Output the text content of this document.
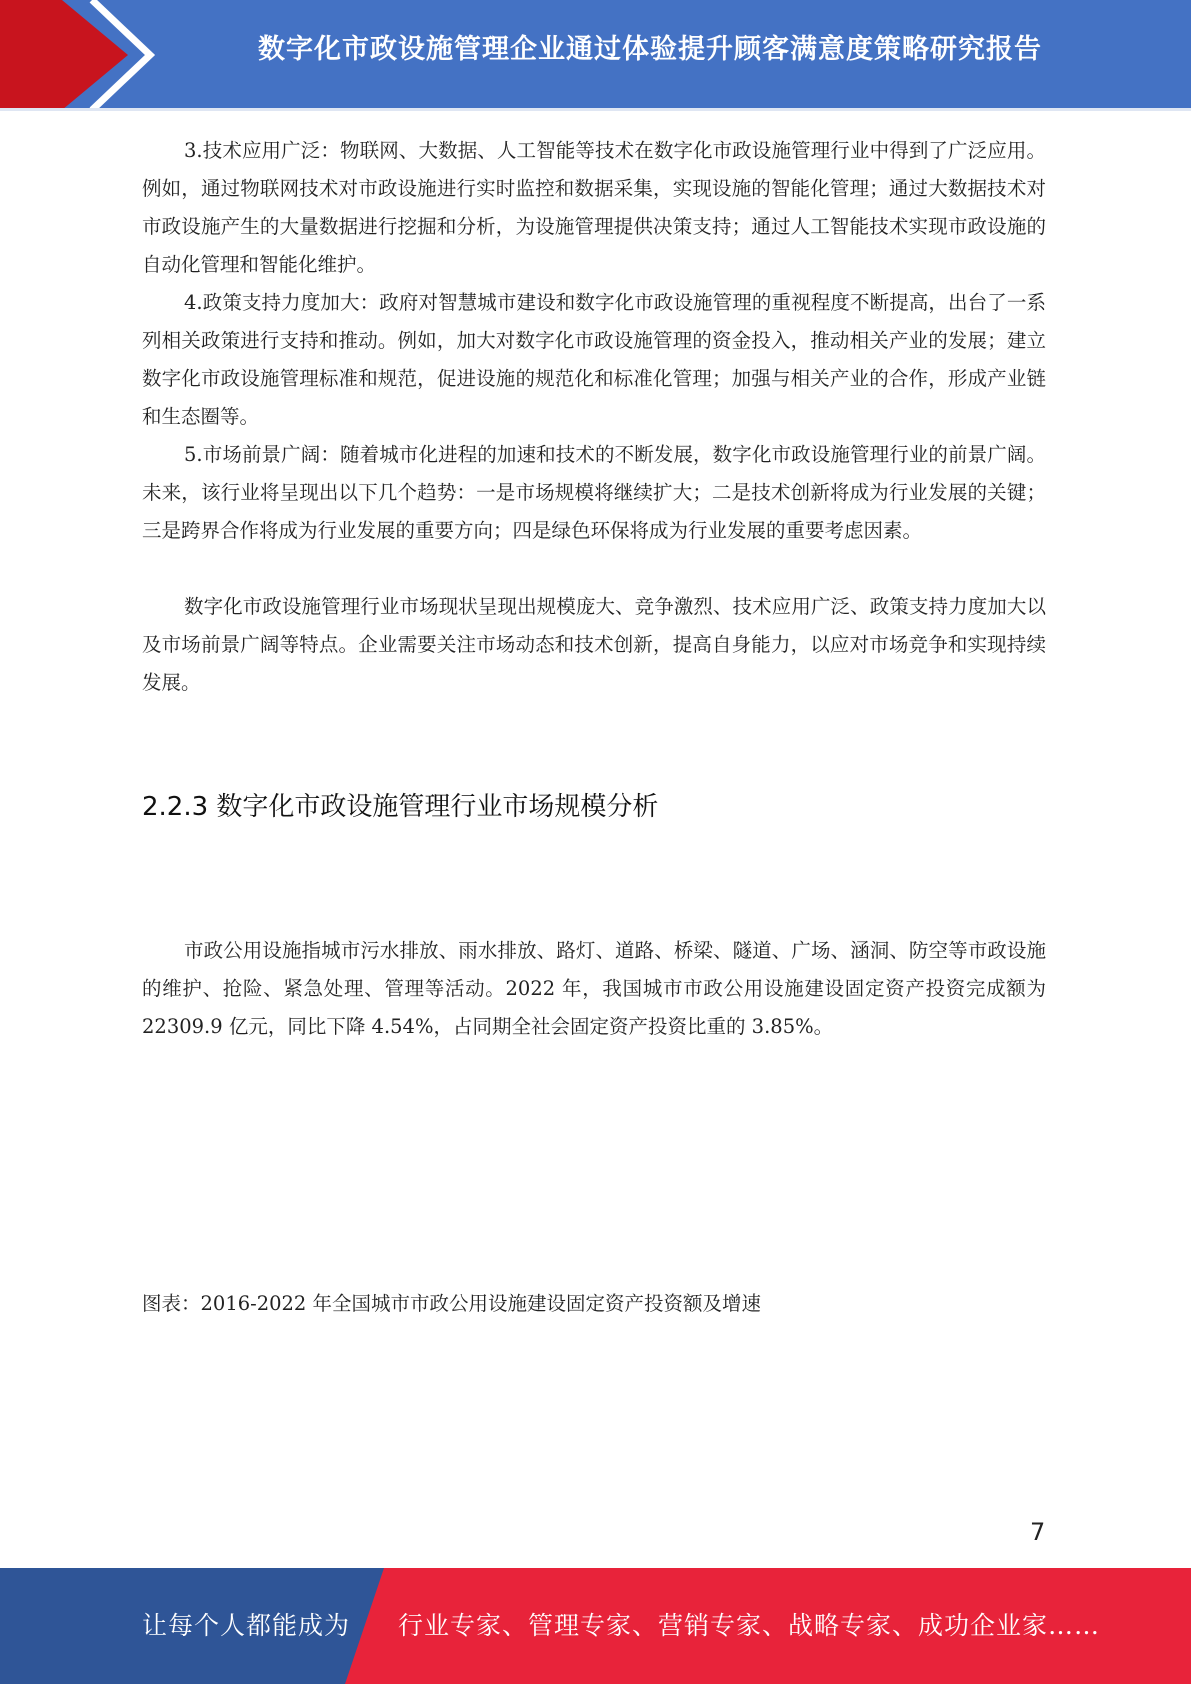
数字化市政设施管理企业通过体验提升顾客满意度策略研究报告

3.技术应用广泛：物联网、大数据、人工智能等技术在数字化市政设施管理行业中得到了广泛应用。例如，通过物联网技术对市政设施进行实时监控和数据采集，实现设施的智能化管理；通过大数据技术对市政设施产生的大量数据进行挖掘和分析，为设施管理提供决策支持；通过人工智能技术实现市政设施的自动化管理和智能化维护。

4.政策支持力度加大：政府对智慧城市建设和数字化市政设施管理的重视程度不断提高，出台了一系列相关政策进行支持和推动。例如，加大对数字化市政设施管理的资金投入，推动相关产业的发展；建立数字化市政设施管理标准和规范，促进设施的规范化和标准化管理；加强与相关产业的合作，形成产业链和生态圈等。

5.市场前景广阔：随着城市化进程的加速和技术的不断发展，数字化市政设施管理行业的前景广阔。未来，该行业将呈现出以下几个趋势：一是市场规模将继续扩大；二是技术创新将成为行业发展的关键；三是跨界合作将成为行业发展的重要方向；四是绿色环保将成为行业发展的重要考虑因素。

数字化市政设施管理行业市场现状呈现出规模庞大、竞争激烈、技术应用广泛、政策支持力度加大以及市场前景广阔等特点。企业需要关注市场动态和技术创新，提高自身能力，以应对市场竞争和实现持续发展。

2.2.3 数字化市政设施管理行业市场规模分析

市政公用设施指城市污水排放、雨水排放、路灯、道路、桥梁、隧道、广场、涵洞、防空等市政设施的维护、抢险、紧急处理、管理等活动。2022 年，我国城市市政公用设施建设固定资产投资完成额为 22309.9 亿元，同比下降 4.54%，占同期全社会固定资产投资比重的 3.85%。

图表：2016-2022 年全国城市市政公用设施建设固定资产投资额及增速

7
让每个人都能成为 行业专家、管理专家、营销专家、战略专家、成功企业家……
